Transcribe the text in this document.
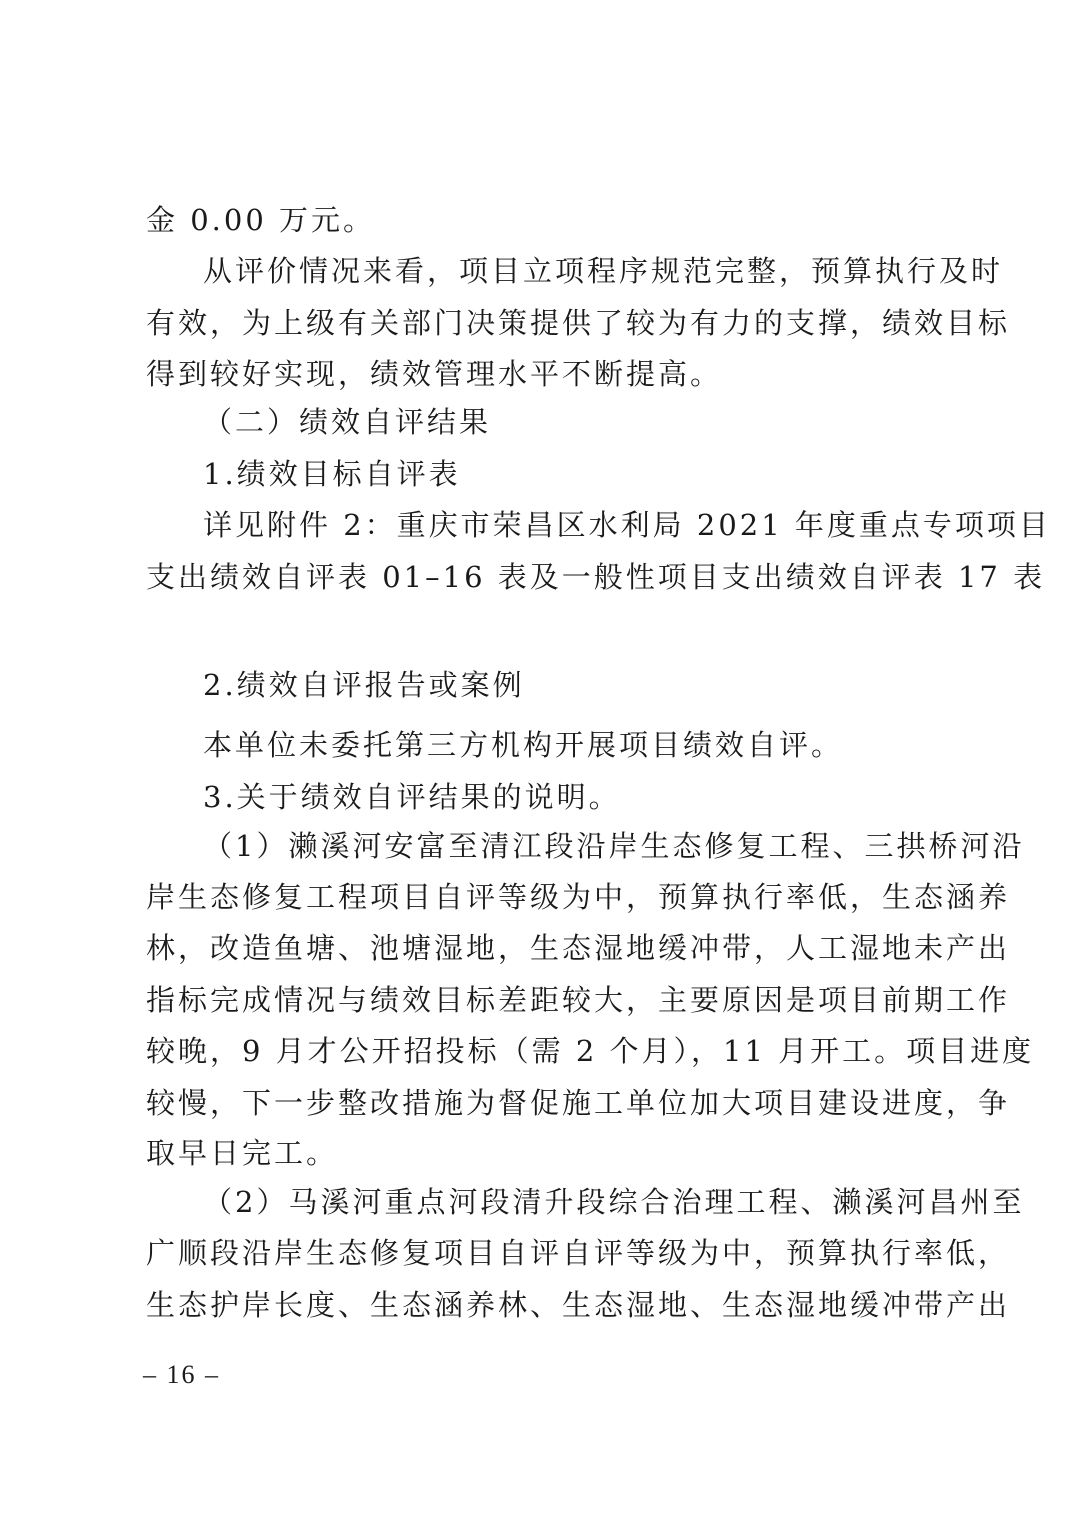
金 0.00 万元。
从评价情况来看，项目立项程序规范完整，预算执行及时
有效，为上级有关部门决策提供了较为有力的支撑，绩效目标
得到较好实现，绩效管理水平不断提高。
（二）绩效自评结果
1.绩效目标自评表
详见附件 2：重庆市荣昌区水利局 2021 年度重点专项项目
支出绩效自评表 01–16 表及一般性项目支出绩效自评表 17 表
2.绩效自评报告或案例
本单位未委托第三方机构开展项目绩效自评。
3.关于绩效自评结果的说明。
（1）濑溪河安富至清江段沿岸生态修复工程、三拱桥河沿
岸生态修复工程项目自评等级为中，预算执行率低，生态涵养
林，改造鱼塘、池塘湿地，生态湿地缓冲带，人工湿地未产出
指标完成情况与绩效目标差距较大，主要原因是项目前期工作
较晚，9 月才公开招投标（需 2 个月），11 月开工。项目进度
较慢，下一步整改措施为督促施工单位加大项目建设进度，争
取早日完工。
（2）马溪河重点河段清升段综合治理工程、濑溪河昌州至
广顺段沿岸生态修复项目自评自评等级为中，预算执行率低，
生态护岸长度、生态涵养林、生态湿地、生态湿地缓冲带产出
– 16 –
